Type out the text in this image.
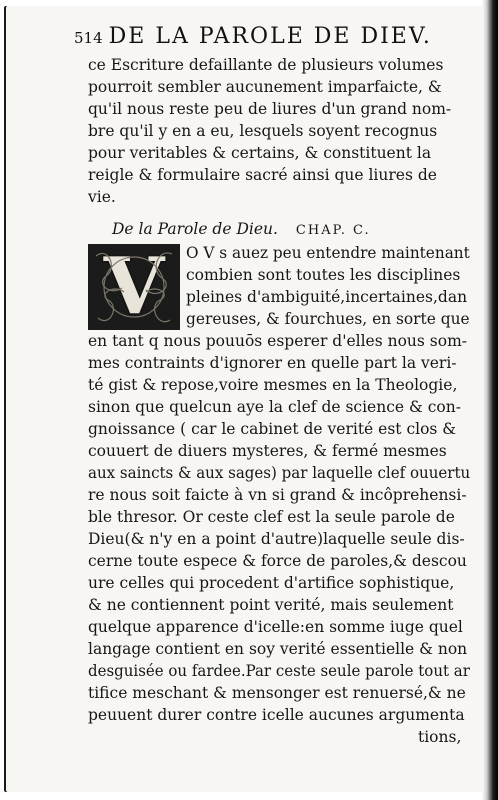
514 DE LA PAROLE DE DIEV.
ce Escriture defaillante de plusieurs volumes
pourroit sembler aucunement imparfaicte, &
qu'il nous reste peu de liures d'un grand nom-
bre qu'il y en a eu, lesquels soyent recognus
pour veritables & certains, & constituent la
reigle & formulaire sacré ainsi que liures de
vie.
De la Parole de Dieu. CHAP. C.
V O V s auez peu entendre maintenant
combien sont toutes les disciplines
pleines d'ambiguité,incertaines,dan
gereuses, & fourchues, en sorte que
en tant q nous pouuōs esperer d'elles nous som-
mes contraints d'ignorer en quelle part la veri-
té gist & repose,voire mesmes en la Theologie,
sinon que quelcun aye la clef de science & con-
gnoissance ( car le cabinet de verité est clos &
couuert de diuers mysteres, & fermé mesmes
aux saincts & aux sages) par laquelle clef ouuertu
re nous soit faicte à vn si grand & incôprehensi-
ble thresor. Or ceste clef est la seule parole de
Dieu(& n'y en a point d'autre)laquelle seule dis-
cerne toute espece & force de paroles,& descou
ure celles qui procedent d'artifice sophistique,
& ne contiennent point verité, mais seulement
quelque apparence d'icelle:en somme iuge quel
langage contient en soy verité essentielle & non
desguisée ou fardee.Par ceste seule parole tout ar
tifice meschant & mensonger est renuersé,& ne
peuuent durer contre icelle aucunes argumenta
tions,
